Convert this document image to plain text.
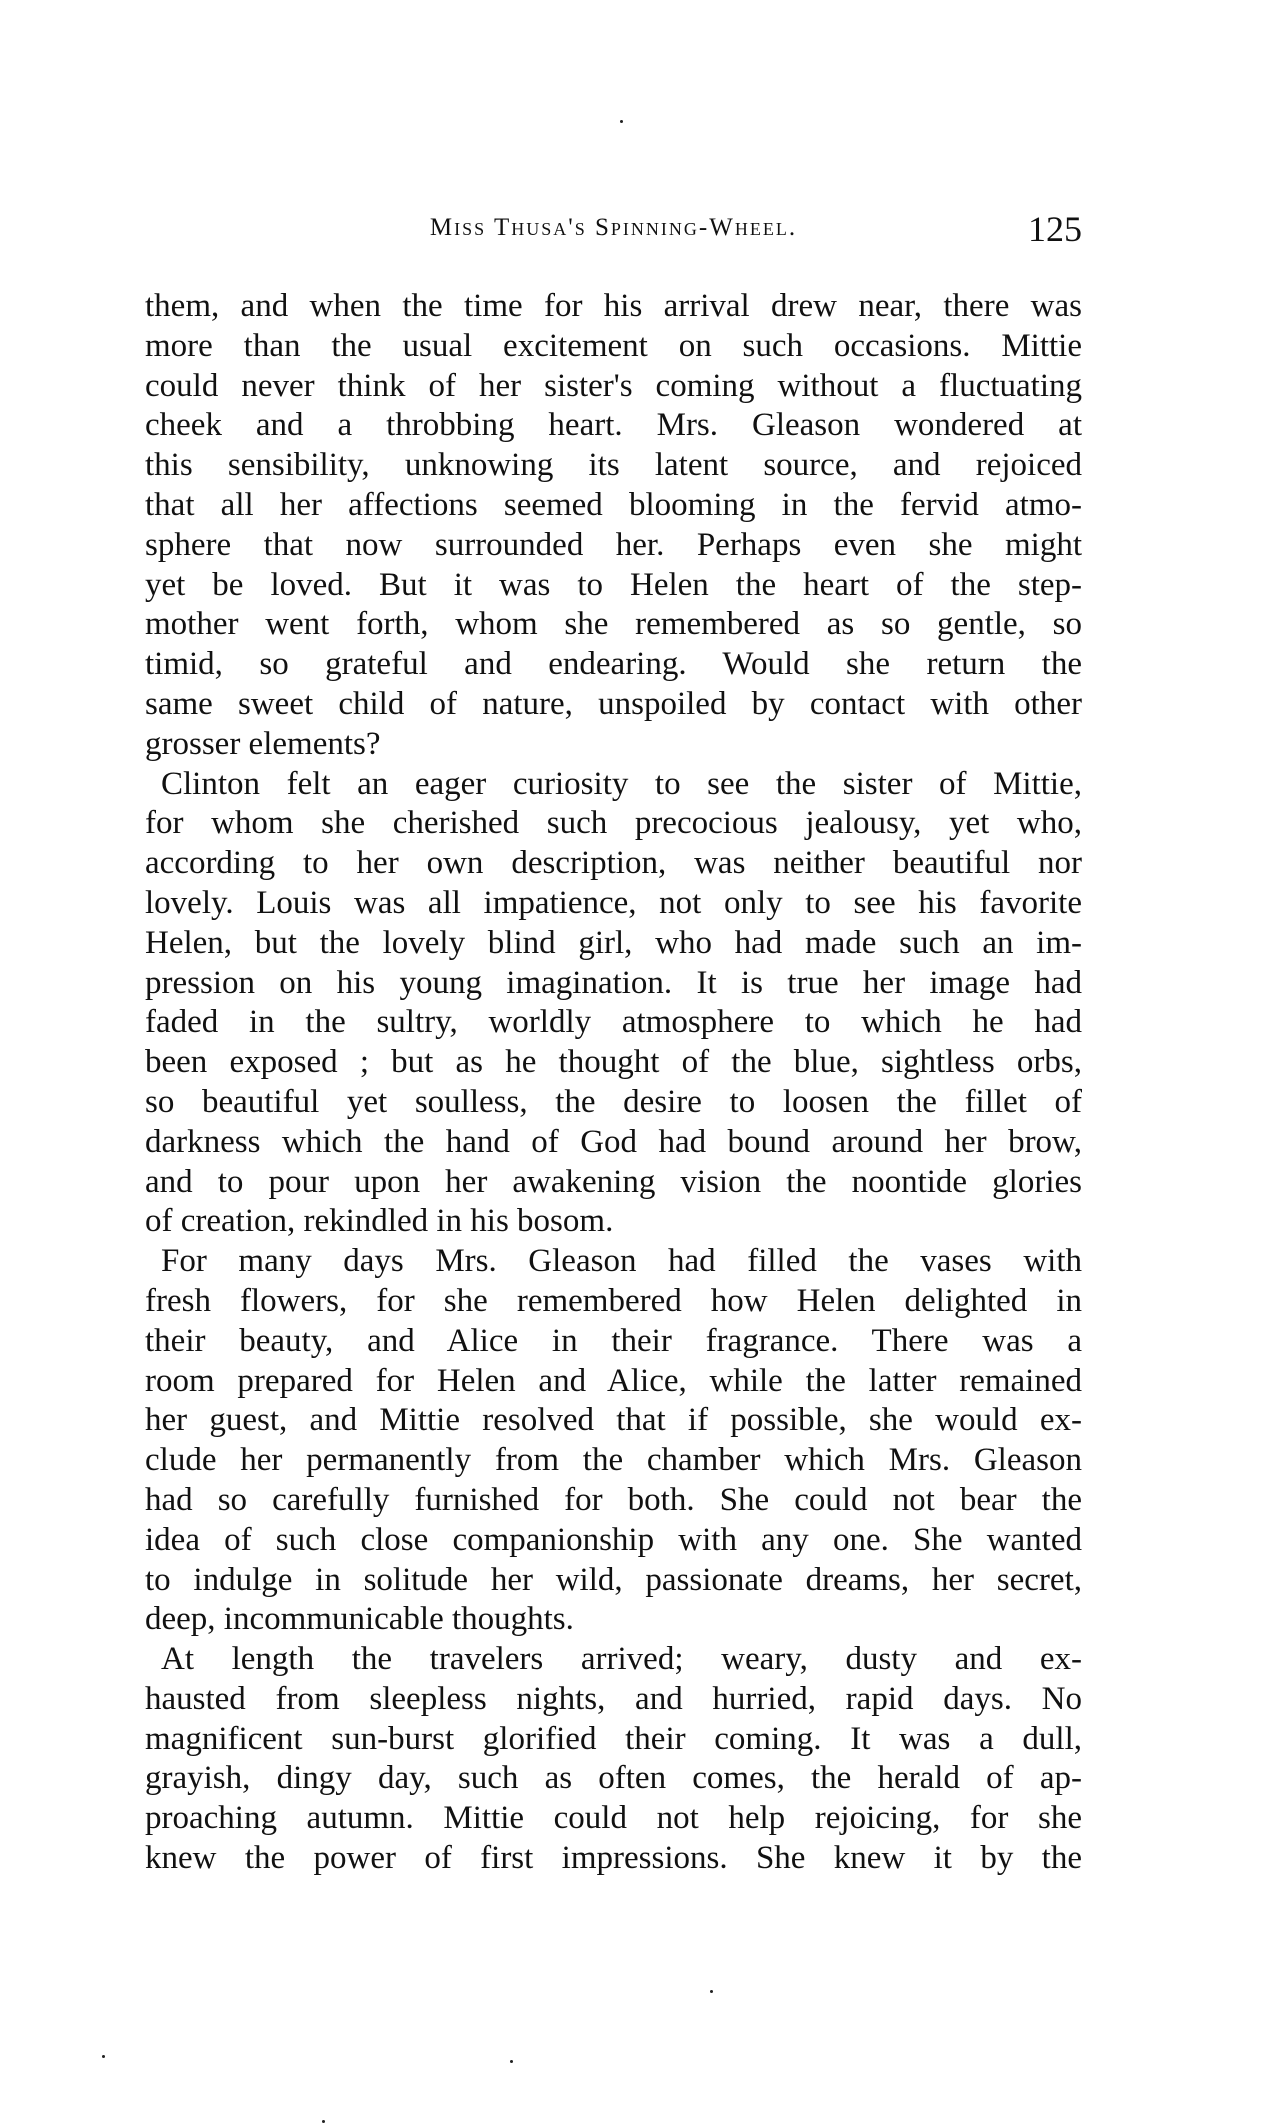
Miss Thusa's Spinning-Wheel.	125
them, and when the time for his arrival drew near, there was
more than the usual excitement on such occasions. Mittie
could never think of her sister's coming without a fluctuating
cheek and a throbbing heart. Mrs. Gleason wondered at
this sensibility, unknowing its latent source, and rejoiced
that all her affections seemed blooming in the fervid atmo-
sphere that now surrounded her. Perhaps even she might
yet be loved. But it was to Helen the heart of the step-
mother went forth, whom she remembered as so gentle, so
timid, so grateful and endearing. Would she return the
same sweet child of nature, unspoiled by contact with other
grosser elements?
Clinton felt an eager curiosity to see the sister of Mittie,
for whom she cherished such precocious jealousy, yet who,
according to her own description, was neither beautiful nor
lovely. Louis was all impatience, not only to see his favorite
Helen, but the lovely blind girl, who had made such an im-
pression on his young imagination. It is true her image had
faded in the sultry, worldly atmosphere to which he had
been exposed ; but as he thought of the blue, sightless orbs,
so beautiful yet soulless, the desire to loosen the fillet of
darkness which the hand of God had bound around her brow,
and to pour upon her awakening vision the noontide glories
of creation, rekindled in his bosom.
For many days Mrs. Gleason had filled the vases with
fresh flowers, for she remembered how Helen delighted in
their beauty, and Alice in their fragrance. There was a
room prepared for Helen and Alice, while the latter remained
her guest, and Mittie resolved that if possible, she would ex-
clude her permanently from the chamber which Mrs. Gleason
had so carefully furnished for both. She could not bear the
idea of such close companionship with any one. She wanted
to indulge in solitude her wild, passionate dreams, her secret,
deep, incommunicable thoughts.
At length the travelers arrived; weary, dusty and ex-
hausted from sleepless nights, and hurried, rapid days. No
magnificent sun-burst glorified their coming. It was a dull,
grayish, dingy day, such as often comes, the herald of ap-
proaching autumn. Mittie could not help rejoicing, for she
knew the power of first impressions. She knew it by the
